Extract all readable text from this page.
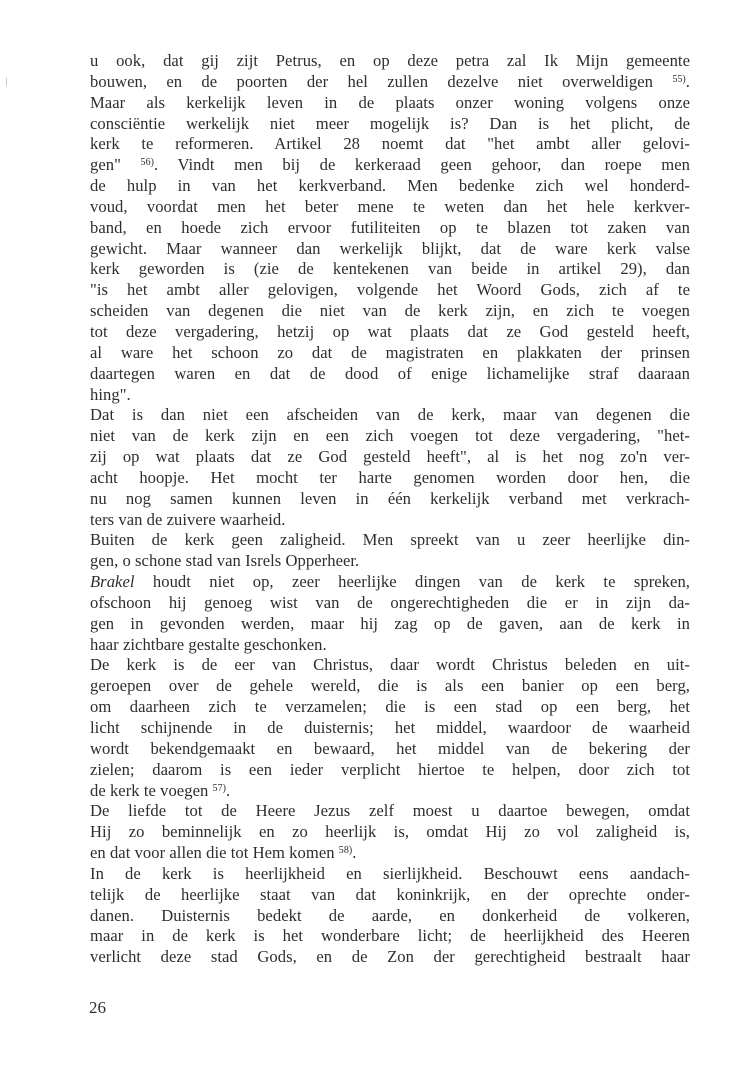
u ook, dat gij zijt Petrus, en op deze petra zal Ik Mijn gemeente
bouwen, en de poorten der hel zullen dezelve niet overweldigen $^{55)}$.
Maar als kerkelijk leven in de plaats onzer woning volgens onze
consciëntie werkelijk niet meer mogelijk is? Dan is het plicht, de
kerk te reformeren. Artikel 28 noemt dat "het ambt aller gelovi-
gen" $^{56)}$. Vindt men bij de kerkeraad geen gehoor, dan roepe men
de hulp in van het kerkverband. Men bedenke zich wel honderd-
voud, voordat men het beter mene te weten dan het hele kerkver-
band, en hoede zich ervoor futiliteiten op te blazen tot zaken van
gewicht. Maar wanneer dan werkelijk blijkt, dat de ware kerk valse
kerk geworden is (zie de kentekenen van beide in artikel 29), dan
"is het ambt aller gelovigen, volgende het Woord Gods, zich af te
scheiden van degenen die niet van de kerk zijn, en zich te voegen
tot deze vergadering, hetzij op wat plaats dat ze God gesteld heeft,
al ware het schoon zo dat de magistraten en plakkaten der prinsen
daartegen waren en dat de dood of enige lichamelijke straf daaraan
hing".
Dat is dan niet een afscheiden van de kerk, maar van degenen die
niet van de kerk zijn en een zich voegen tot deze vergadering, "het-
zij op wat plaats dat ze God gesteld heeft", al is het nog zo'n ver-
acht hoopje. Het mocht ter harte genomen worden door hen, die
nu nog samen kunnen leven in één kerkelijk verband met verkrach-
ters van de zuivere waarheid.
Buiten de kerk geen zaligheid. Men spreekt van u zeer heerlijke din-
gen, o schone stad van Isrels Opperheer.
Brakel houdt niet op, zeer heerlijke dingen van de kerk te spreken,
ofschoon hij genoeg wist van de ongerechtigheden die er in zijn da-
gen in gevonden werden, maar hij zag op de gaven, aan de kerk in
haar zichtbare gestalte geschonken.
De kerk is de eer van Christus, daar wordt Christus beleden en uit-
geroepen over de gehele wereld, die is als een banier op een berg,
om daarheen zich te verzamelen; die is een stad op een berg, het
licht schijnende in de duisternis; het middel, waardoor de waarheid
wordt bekendgemaakt en bewaard, het middel van de bekering der
zielen; daarom is een ieder verplicht hiertoe te helpen, door zich tot
de kerk te voegen $^{57)}$.
De liefde tot de Heere Jezus zelf moest u daartoe bewegen, omdat
Hij zo beminnelijk en zo heerlijk is, omdat Hij zo vol zaligheid is,
en dat voor allen die tot Hem komen $^{58)}$.
In de kerk is heerlijkheid en sierlijkheid. Beschouwt eens aandach-
telijk de heerlijke staat van dat koninkrijk, en der oprechte onder-
danen. Duisternis bedekt de aarde, en donkerheid de volkeren,
maar in de kerk is het wonderbare licht; de heerlijkheid des Heeren
verlicht deze stad Gods, en de Zon der gerechtigheid bestraalt haar
26
